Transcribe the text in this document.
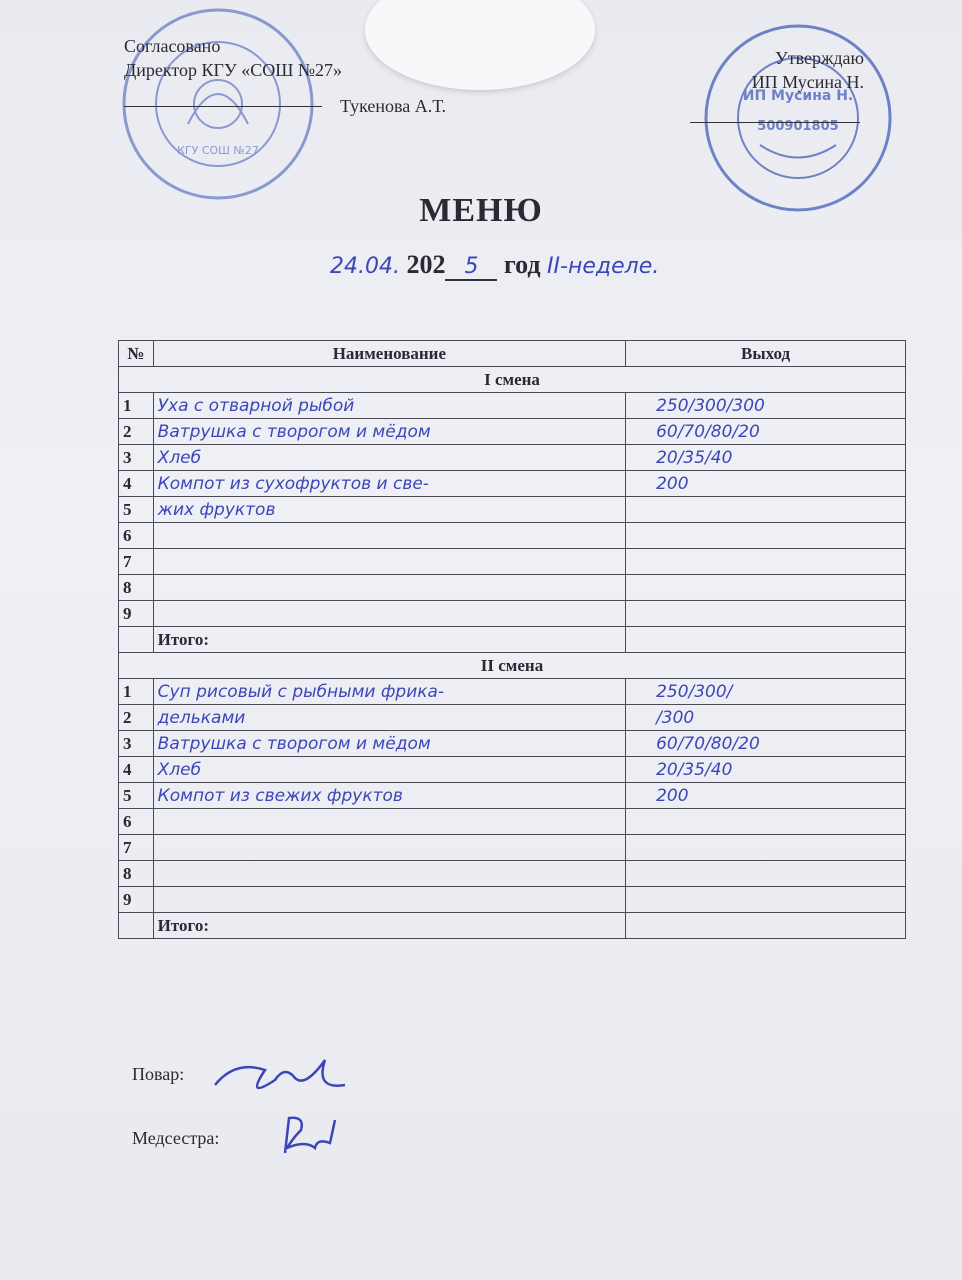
КГУ СОШ №27
ИП Мусина Н.
500901805
Согласовано
Директор КГУ «СОШ №27»
Тукенова А.Т.
Утверждаю
ИП Мусина Н.
МЕНЮ
24.04. 202 5 год II-неделе.
№	Наименование	Выход
I смена		
1	Уха с отварной рыбой	250/300/300
2	Ватрушка с творогом и мёдом	60/70/80/20
3	Хлеб	20/35/40
4	Компот из сухофруктов и све-	200
5	жих фруктов	
6		
7		
8		
9		
	Итого:	
II смена		
1	Суп рисовый с рыбными фрика-	250/300/
2	дельками	/300
3	Ватрушка с творогом и мёдом	60/70/80/20
4	Хлеб	20/35/40
5	Компот из свежих фруктов	200
6		
7		
8		
9		
	Итого:	
Повар:
Медсестра:
